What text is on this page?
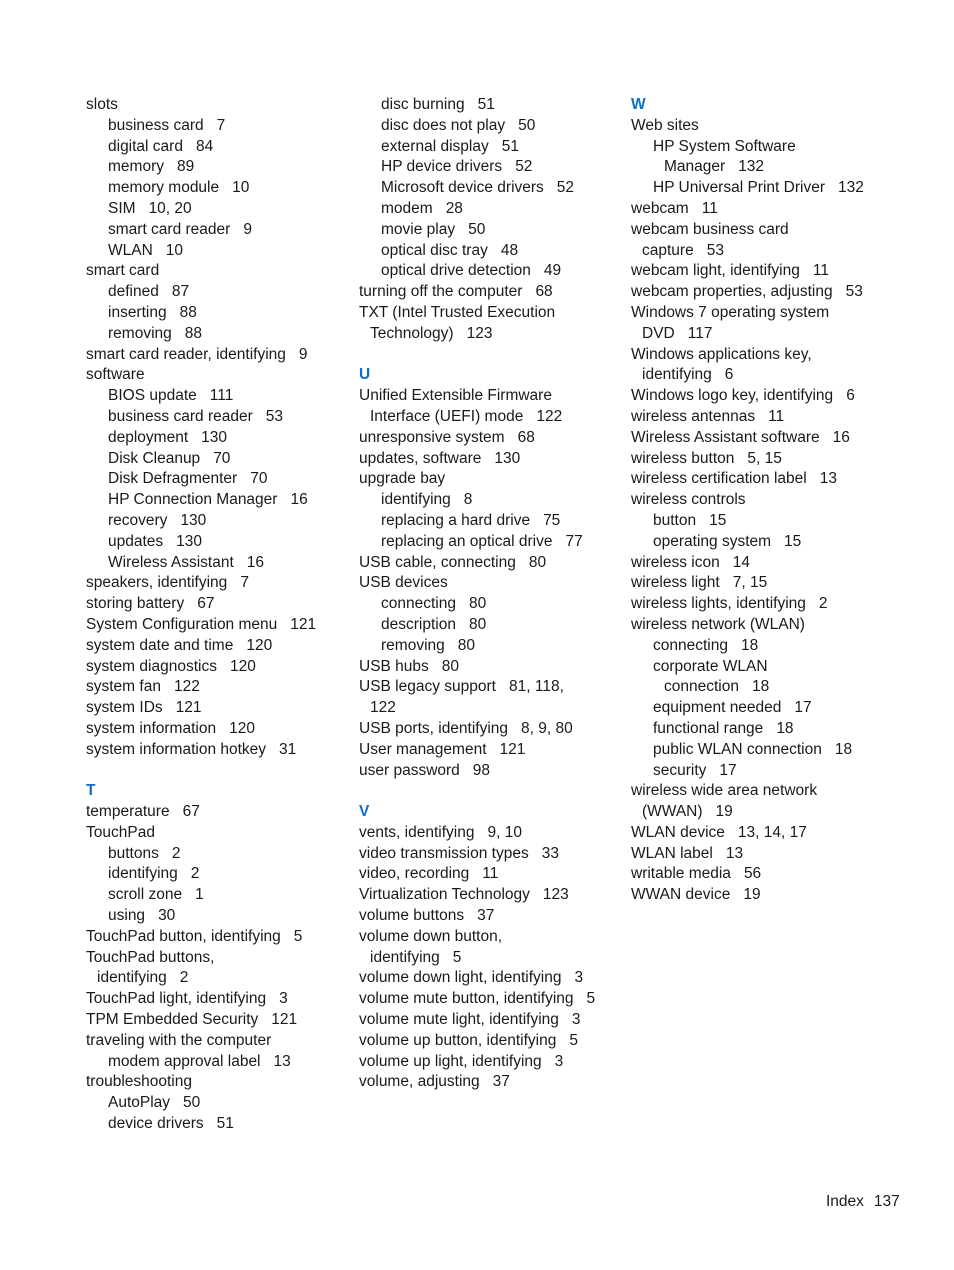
slots
business card 7
digital card 84
memory 89
memory module 10
SIM 10, 20
smart card reader 9
WLAN 10
smart card
defined 87
inserting 88
removing 88
smart card reader, identifying 9
software
BIOS update 111
business card reader 53
deployment 130
Disk Cleanup 70
Disk Defragmenter 70
HP Connection Manager 16
recovery 130
updates 130
Wireless Assistant 16
speakers, identifying 7
storing battery 67
System Configuration menu 121
system date and time 120
system diagnostics 120
system fan 122
system IDs 121
system information 120
system information hotkey 31
T
temperature 67
TouchPad
buttons 2
identifying 2
scroll zone 1
using 30
TouchPad button, identifying 5
TouchPad buttons,
identifying 2
TouchPad light, identifying 3
TPM Embedded Security 121
traveling with the computer
modem approval label 13
troubleshooting
AutoPlay 50
device drivers 51
disc burning 51
disc does not play 50
external display 51
HP device drivers 52
Microsoft device drivers 52
modem 28
movie play 50
optical disc tray 48
optical drive detection 49
turning off the computer 68
TXT (Intel Trusted Execution
Technology) 123
U
Unified Extensible Firmware
Interface (UEFI) mode 122
unresponsive system 68
updates, software 130
upgrade bay
identifying 8
replacing a hard drive 75
replacing an optical drive 77
USB cable, connecting 80
USB devices
connecting 80
description 80
removing 80
USB hubs 80
USB legacy support 81, 118,
122
USB ports, identifying 8, 9, 80
User management 121
user password 98
V
vents, identifying 9, 10
video transmission types 33
video, recording 11
Virtualization Technology 123
volume buttons 37
volume down button,
identifying 5
volume down light, identifying 3
volume mute button, identifying 5
volume mute light, identifying 3
volume up button, identifying 5
volume up light, identifying 3
volume, adjusting 37
W
Web sites
HP System Software
Manager 132
HP Universal Print Driver 132
webcam 11
webcam business card
capture 53
webcam light, identifying 11
webcam properties, adjusting 53
Windows 7 operating system
DVD 117
Windows applications key,
identifying 6
Windows logo key, identifying 6
wireless antennas 11
Wireless Assistant software 16
wireless button 5, 15
wireless certification label 13
wireless controls
button 15
operating system 15
wireless icon 14
wireless light 7, 15
wireless lights, identifying 2
wireless network (WLAN)
connecting 18
corporate WLAN
connection 18
equipment needed 17
functional range 18
public WLAN connection 18
security 17
wireless wide area network
(WWAN) 19
WLAN device 13, 14, 17
WLAN label 13
writable media 56
WWAN device 19
Index 137
